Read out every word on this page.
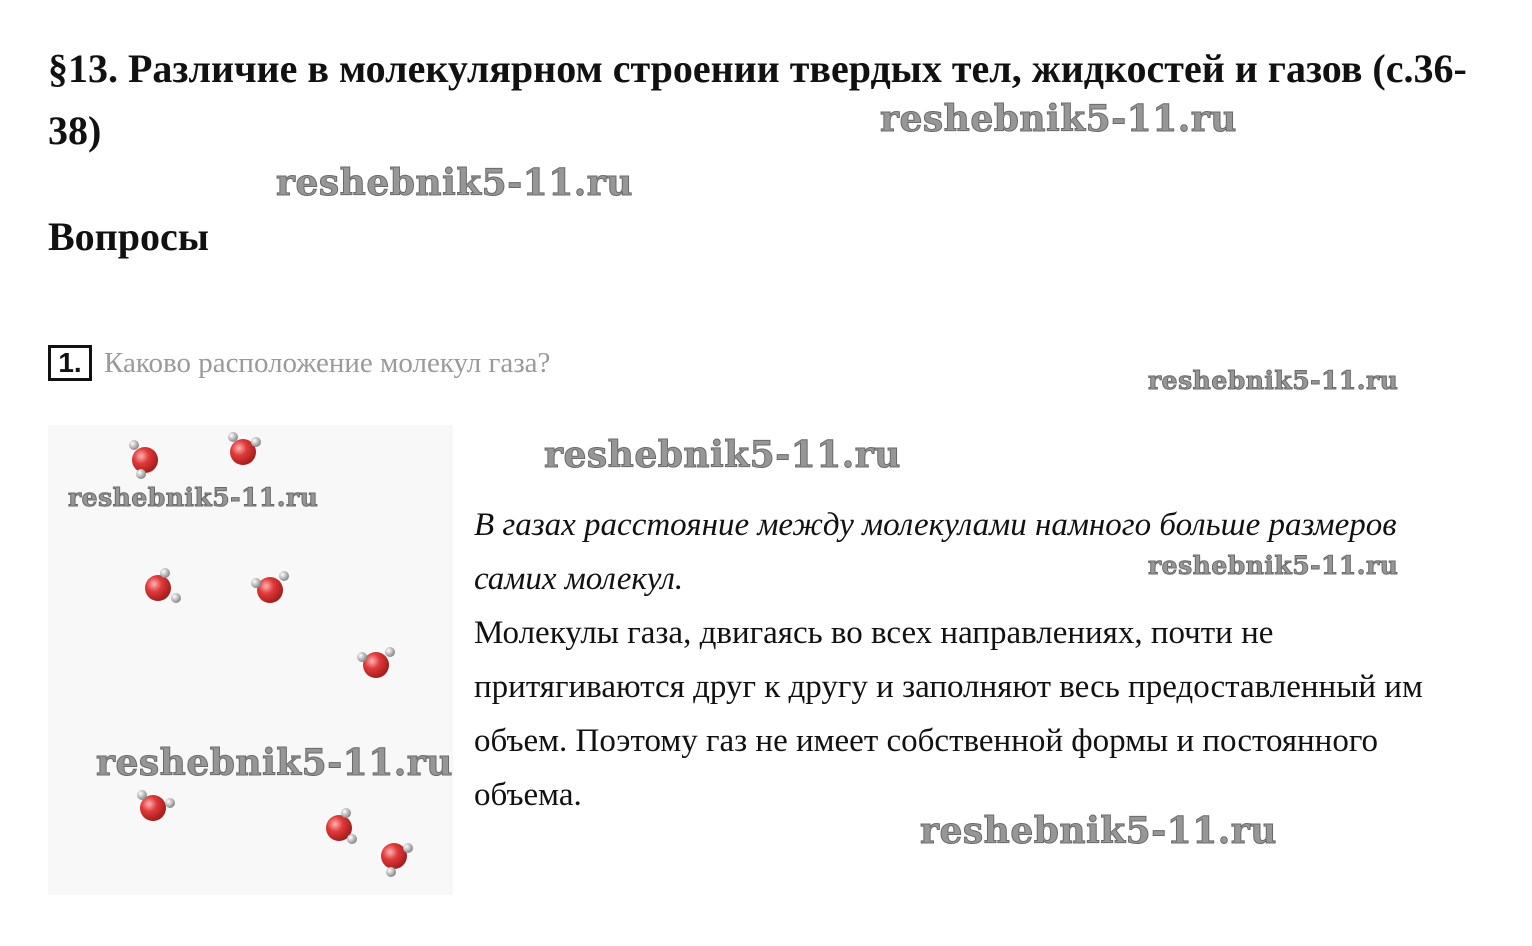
§13. Различие в молекулярном строении твердых тел, жидкостей и газов (с.36-38)
Вопросы
1. Каково расположение молекул газа?
В газах расстояние между молекулами намного больше размеров самих молекул.
Молекулы газа, двигаясь во всех направлениях, почти не притягиваются друг к другу и заполняют весь предоставленный им объем. Поэтому газ не имеет собственной формы и постоянного объема.
reshebnik5-11.ru
reshebnik5-11.ru
reshebnik5-11.ru
reshebnik5-11.ru
reshebnik5-11.ru
reshebnik5-11.ru
reshebnik5-11.ru
reshebnik5-11.ru
